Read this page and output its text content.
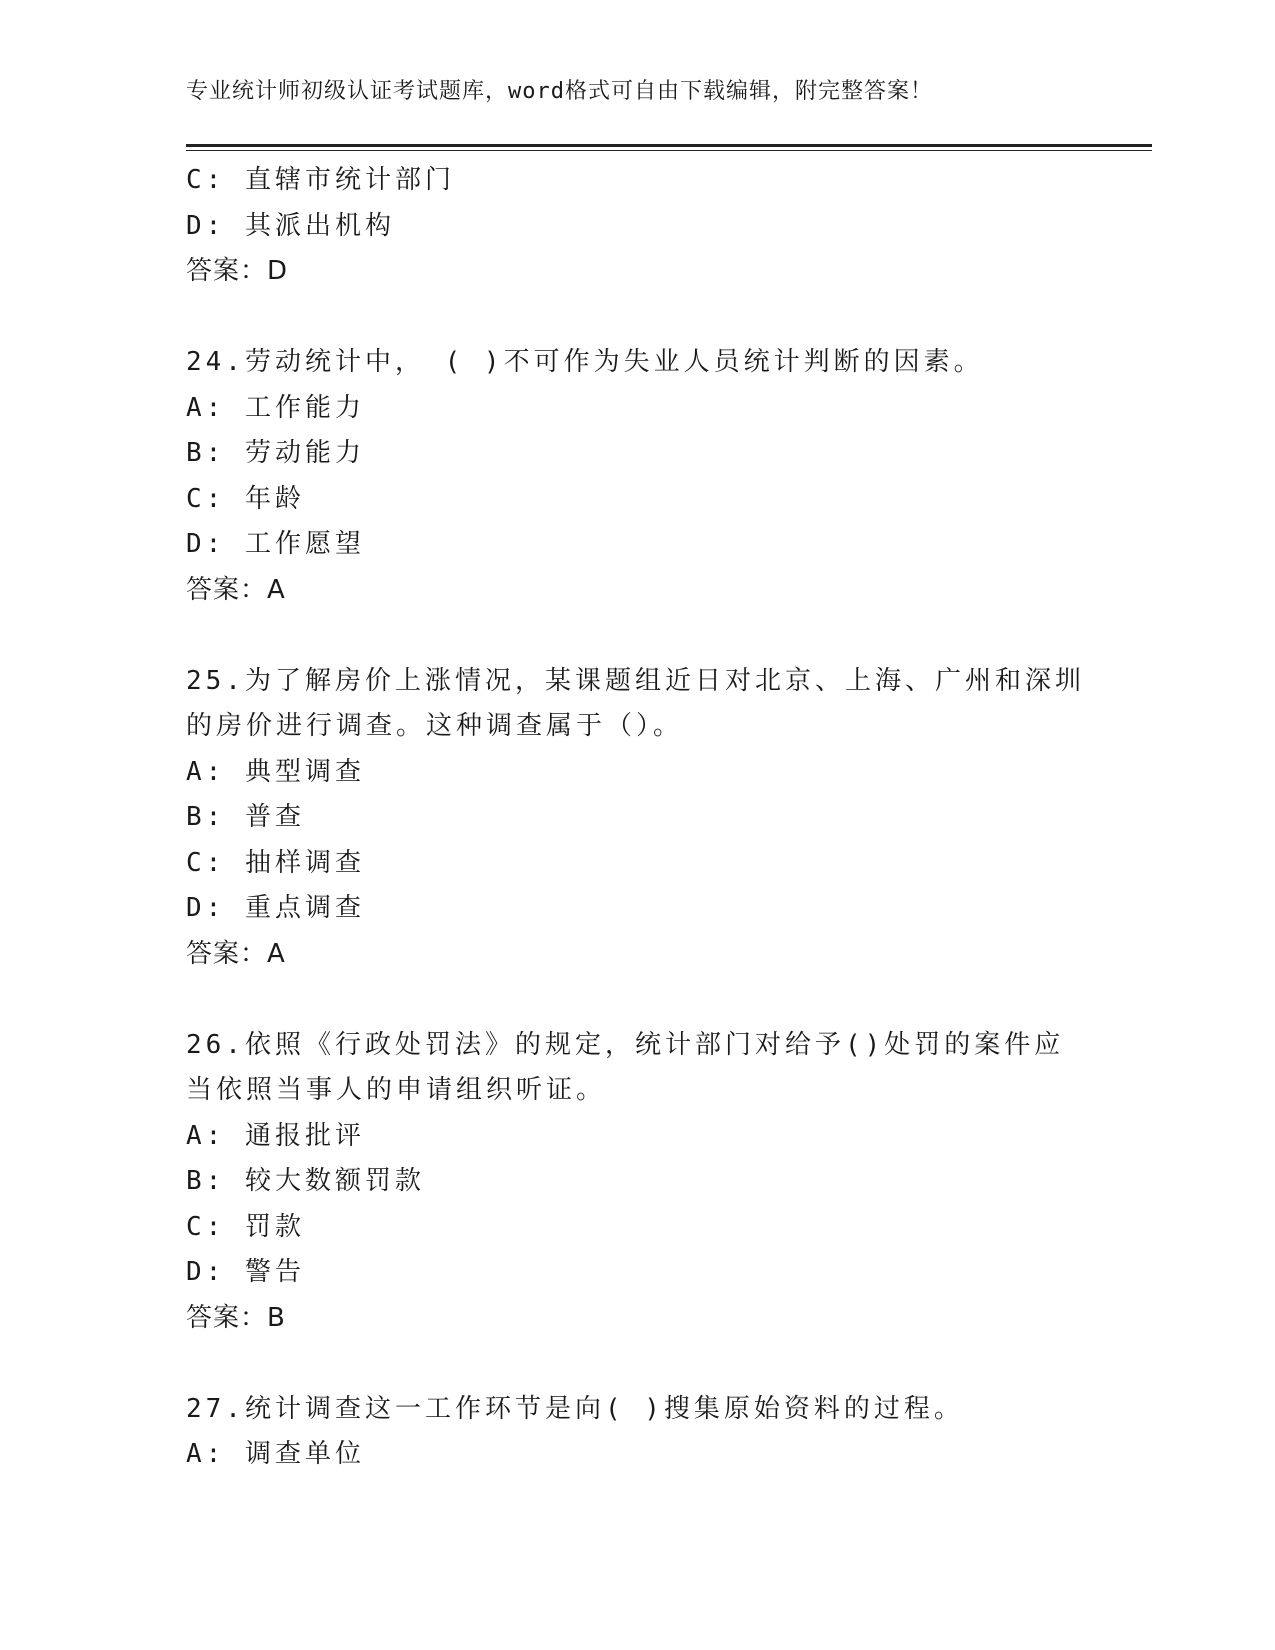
专业统计师初级认证考试题库，word格式可自由下载编辑，附完整答案！
C: 直辖市统计部门
D: 其派出机构
答案：D
24.劳动统计中， ( )不可作为失业人员统计判断的因素。
A: 工作能力
B: 劳动能力
C: 年龄
D: 工作愿望
答案：A
25.为了解房价上涨情况，某课题组近日对北京、上海、广州和深圳的房价进行调查。这种调查属于（）。
A: 典型调查
B: 普查
C: 抽样调查
D: 重点调查
答案：A
26.依照《行政处罚法》的规定，统计部门对给予()处罚的案件应当依照当事人的申请组织听证。
A: 通报批评
B: 较大数额罚款
C: 罚款
D: 警告
答案：B
27.统计调查这一工作环节是向( )搜集原始资料的过程。
A: 调查单位
